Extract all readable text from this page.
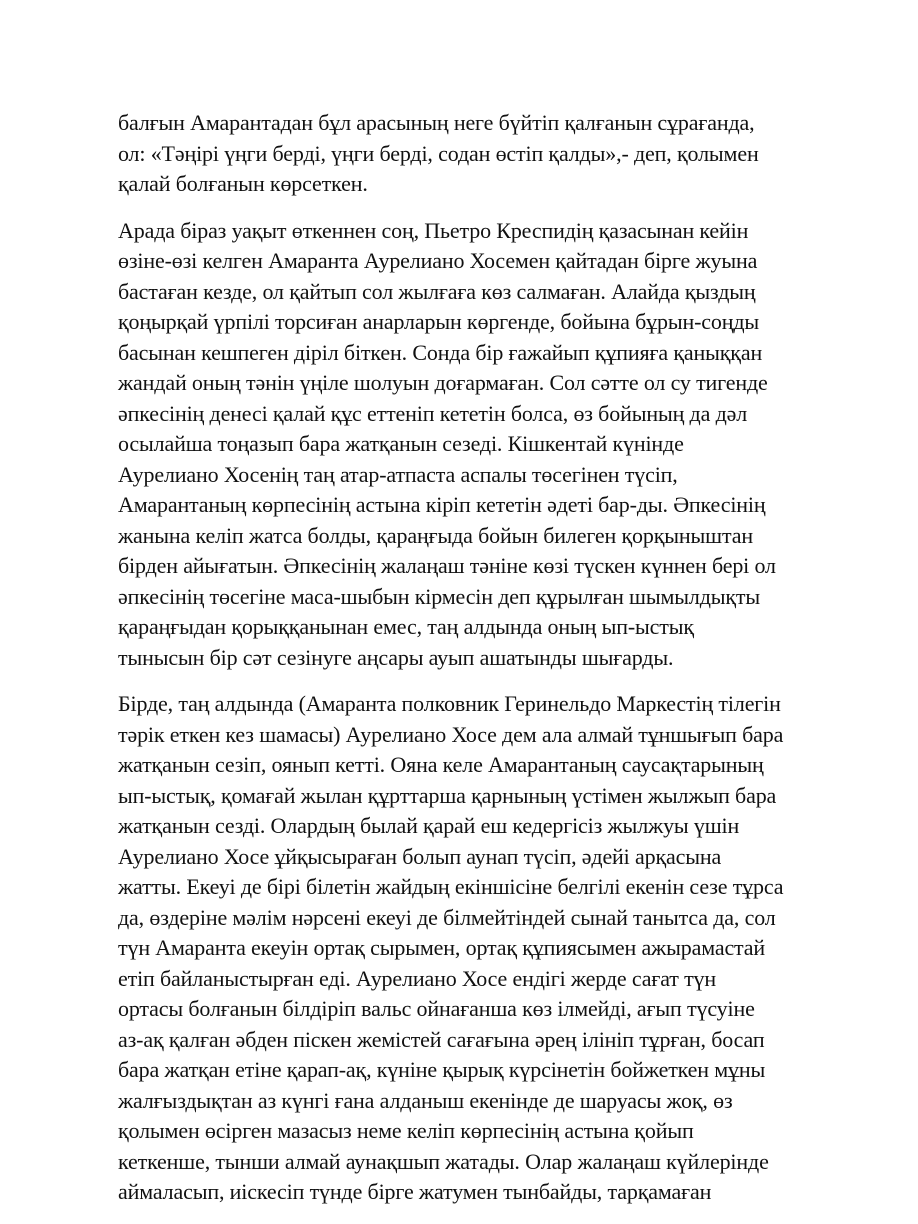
балғын Амарантадан бұл арасының неге бүйтіп қалғанын сұрағанда,
ол: «Тәңірі үңги берді, үңги берді, содан өстіп қалды»,- деп, қолымен
қалай болғанын көрсеткен.

Арада біраз уақыт өткеннен соң, Пьетро Креспидің қазасынан кейін
өзіне-өзі келген Амаранта Аурелиано Хосемен қайтадан бірге жуына
бастаған кезде, ол қайтып сол жылғаға көз салмаған. Алайда қыздың
қоңырқай үрпілі торсиған анарларын көргенде, бойына бұрын-соңды
басынан кешпеген діріл біткен. Сонда бір ғажайып құпияға қаныққан
жандай оның тәнін үңіле шолуын доғармаған. Сол сәтте ол су тигенде
әпкесінің денесі қалай құс еттеніп кететін болса, өз бойының да дәл
осылайша тоңазып бара жатқанын сезеді. Кішкентай күнінде
Аурелиано Хосенің таң атар-атпаста аспалы төсегінен түсіп,
Амарантаның көрпесінің астына кіріп кететін әдеті бар-ды. Әпкесінің
жанына келіп жатса болды, қараңғыда бойын билеген қорқыныштан
бірден айығатын. Әпкесінің жалаңаш тәніне көзі түскен күннен бері ол
әпкесінің төсегіне маса-шыбын кірмесін деп құрылған шымылдықты
қараңғыдан қорыққанынан емес, таң алдында оның ып-ыстық
тынысын бір сәт сезінуге аңсары ауып ашатынды шығарды.

Бірде, таң алдында (Амаранта полковник Геринельдо Маркестің тілегін
тәрік еткен кез шамасы) Аурелиано Хосе дем ала алмай тұншығып бара
жатқанын сезіп, оянып кетті. Ояна келе Амарантаның саусақтарының
ып-ыстық, қомағай жылан құрттарша қарнының үстімен жылжып бара
жатқанын сезді. Олардың былай қарай еш кедергісіз жылжуы үшін
Аурелиано Хосе ұйқысыраған болып аунап түсіп, әдейі арқасына
жатты. Екеуі де бірі білетін жайдың екіншісіне белгілі екенін сезе тұрса
да, өздеріне мәлім нәрсені екеуі де білмейтіндей сынай танытса да, сол
түн Амаранта екеуін ортақ сырымен, ортақ құпиясымен ажырамастай
етіп байланыстырған еді. Аурелиано Хосе ендігі жерде сағат түн
ортасы болғанын білдіріп вальс ойнағанша көз ілмейді, ағып түсуіне
аз-ақ қалған әбден піскен жемістей сағағына әрең ілініп тұрған, босап
бара жатқан етіне қарап-ақ, күніне қырық күрсінетін бойжеткен мұны
жалғыздықтан аз күнгі ғана алданыш екенінде де шаруасы жоқ, өз
қолымен өсірген мазасыз неме келіп көрпесінің астына қойып
кеткенше, тынши алмай аунақшып жатады. Олар жалаңаш күйлерінде
аймаласып, иіскесіп түнде бірге жатумен тынбайды, тарқамаған
